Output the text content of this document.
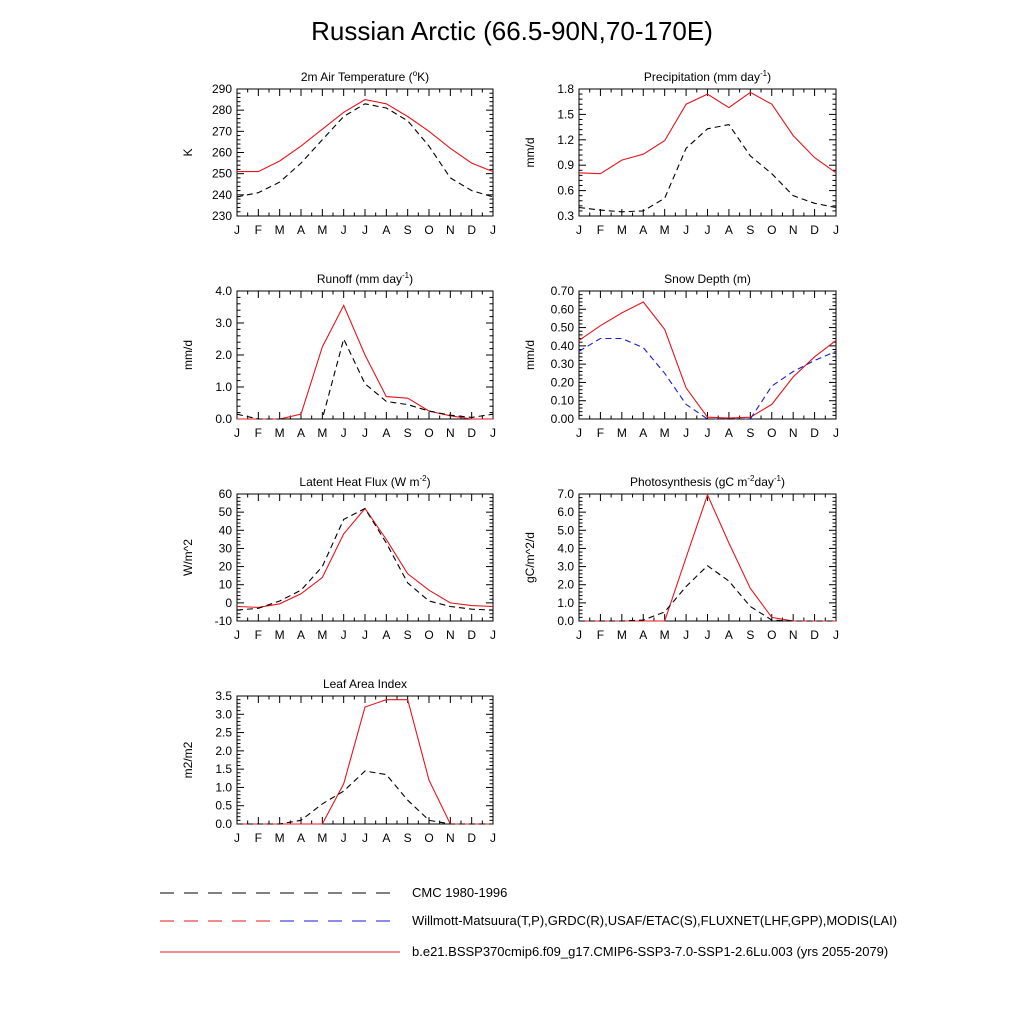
Russian Arctic (66.5-90N,70-170E)
J F M A M J J A S O N D J
230
240
250
260
270
280
290
K
2m Air Temperature ($^o$K)
J F M A M J J A S O N D J
0.3
0.6
0.9
1.2
1.5
1.8
mm/d
Precipitation (mm day$^{-1}$)
J F M A M J J A S O N D J
0.0
1.0
2.0
3.0
4.0
mm/d
Runoff (mm day$^{-1}$)
J F M A M J J A S O N D J
0.00
0.10
0.20
0.30
0.40
0.50
0.60
0.70
mm/d
Snow Depth (m)
J F M A M J J A S O N D J
-10
0
10
20
30
40
50
60
W/m^2
Latent Heat Flux (W $m^{-2}$)
J F M A M J J A S O N D J
0.0
1.0
2.0
3.0
4.0
5.0
6.0
7.0
gC/m^2/d
Photosynthesis (gC $m^{-2}day^{-1}$)
J F M A M J J A S O N D J
0.0
0.5
1.0
1.5
2.0
2.5
3.0
3.5
m2/m2
Leaf Area Index
CMC 1980-1996
Willmott-Matsuura(T,P),GRDC(R),USAF/ETAC(S),FLUXNET(LHF,GPP),MODIS(LAI)
b.e21.BSSP370cmip6.f09_g17.CMIP6-SSP3-7.0-SSP1-2.6Lu.003 (yrs 2055-2079)
